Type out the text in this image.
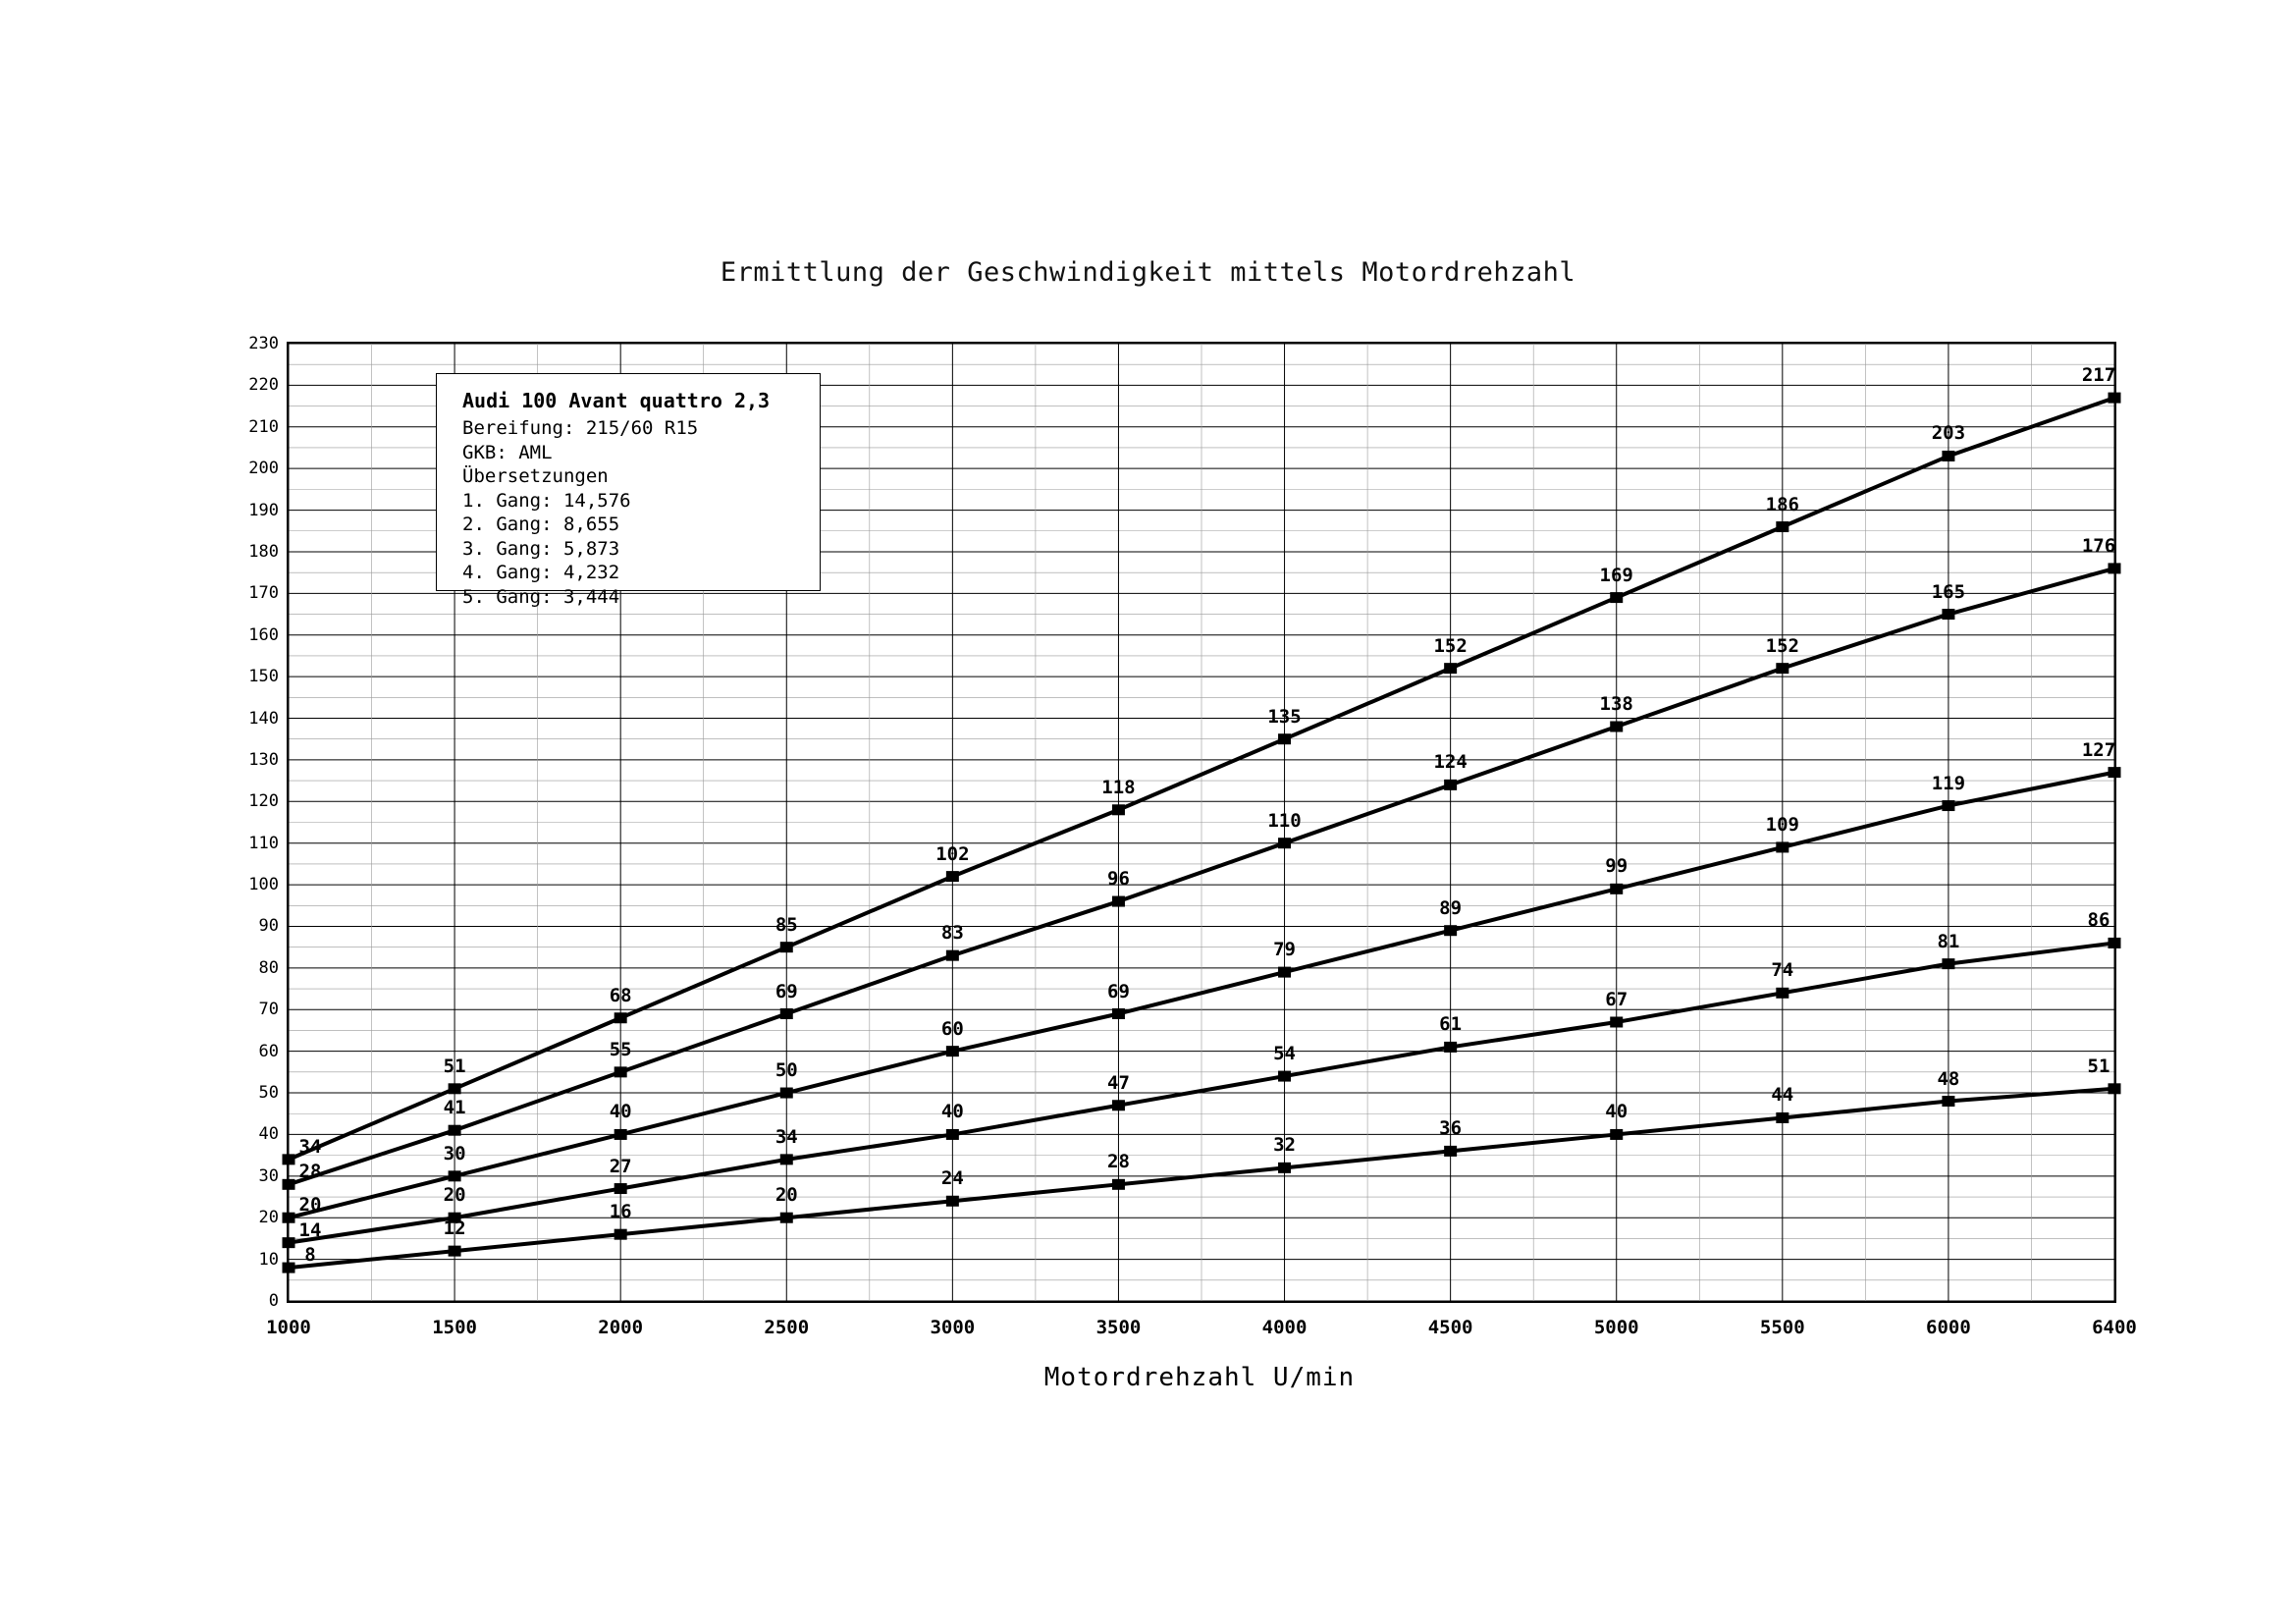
Ermittlung der Geschwindigkeit mittels Motordrehzahl
Motordrehzahl U/min
0
10
20
30
40
50
60
70
80
90
100
110
120
130
140
150
160
170
180
190
200
210
220
230
1000	1500	2000	2500	3000	3500	4000	4500	5000	5500	6000	6400
34
51
68
85
102
118
135
152
169
186
203
217
28
41
55
69
83
96
110
124
138
152
165
176
20
30
40
50
60
69
79
89
99
109
119
127
14
20
27
34
40
47
54
61
67
74
81
86
8
12
16
20
24
28
32
36
40
44
48
51
Audi 100 Avant quattro 2,3
Bereifung: 215/60 R15
GKB: AML
Übersetzungen
1. Gang: 14,576
2. Gang: 8,655
3. Gang: 5,873
4. Gang: 4,232
5. Gang: 3,444
